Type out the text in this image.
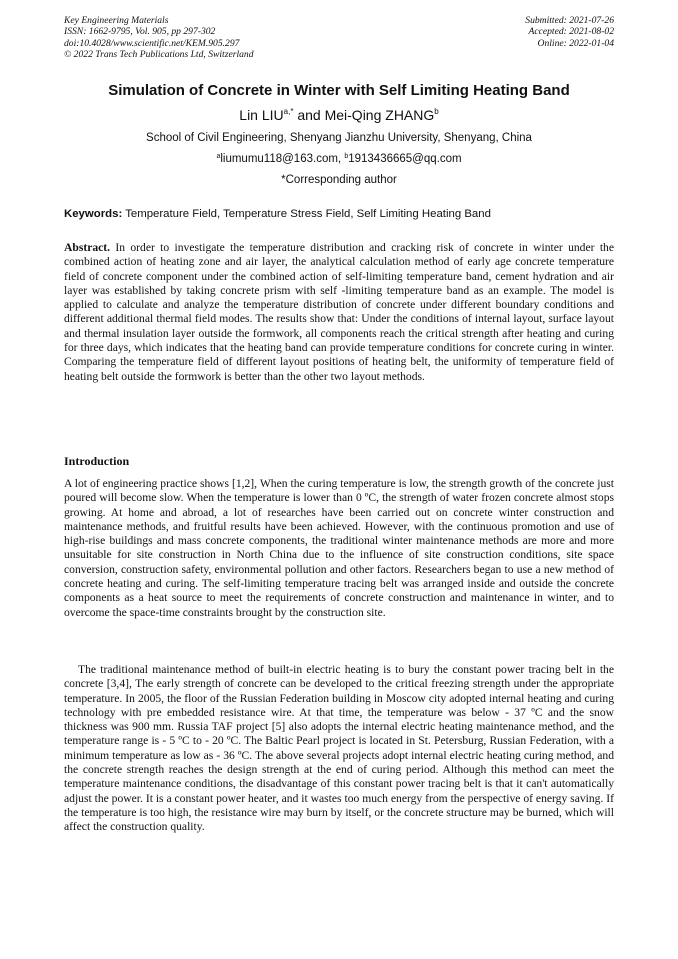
Key Engineering Materials
ISSN: 1662-9795, Vol. 905, pp 297-302
doi:10.4028/www.scientific.net/KEM.905.297
© 2022 Trans Tech Publications Ltd, Switzerland
Submitted: 2021-07-26
Accepted: 2021-08-02
Online: 2022-01-04
Simulation of Concrete in Winter with Self Limiting Heating Band
Lin $LIU^{a,*}$ and Mei-Qing ZHANG$^b$
School of Civil Engineering, Shenyang Jianzhu University, Shenyang, China
$^a$liumumu118@163.com, $^b$1913436665@qq.com
*Corresponding author
Keywords: Temperature Field, Temperature Stress Field, Self Limiting Heating Band
Abstract. In order to investigate the temperature distribution and cracking risk of concrete in winter under the combined action of heating zone and air layer, the analytical calculation method of early age concrete temperature field of concrete component under the combined action of self-limiting temperature band, cement hydration and air layer was established by taking concrete prism with self -limiting temperature band as an example. The model is applied to calculate and analyze the temperature distribution of concrete under different boundary conditions and different additional thermal field modes. The results show that: Under the conditions of internal layout, surface layout and thermal insulation layer outside the formwork, all components reach the critical strength after heating and curing for three days, which indicates that the heating band can provide temperature conditions for concrete curing in winter. Comparing the temperature field of different layout positions of heating belt, the uniformity of temperature field of heating belt outside the formwork is better than the other two layout methods.
Introduction

A lot of engineering practice shows [1,2], When the curing temperature is low, the strength growth of the concrete just poured will become slow. When the temperature is lower than 0 ºC, the strength of water frozen concrete almost stops growing. At home and abroad, a lot of researches have been carried out on concrete winter construction and maintenance methods, and fruitful results have been achieved. However, with the continuous promotion and use of high-rise buildings and mass concrete components, the traditional winter maintenance methods are more and more unsuitable for site construction in North China due to the influence of site construction conditions, site space conversion, construction safety, environmental pollution and other factors. Researchers began to use a new method of concrete heating and curing. The self-limiting temperature tracing belt was arranged inside and outside the concrete components as a heat source to meet the requirements of concrete construction and maintenance in winter, and to overcome the space-time constraints brought by the construction site.

The traditional maintenance method of built-in electric heating is to bury the constant power tracing belt in the concrete [3,4], The early strength of concrete can be developed to the critical freezing strength under the appropriate temperature. In 2005, the floor of the Russian Federation building in Moscow city adopted internal heating and curing technology with pre embedded resistance wire. At that time, the temperature was below - 37 ºC and the snow thickness was 900 mm. Russia TAF project [5] also adopts the internal electric heating maintenance method, and the temperature range is - 5 ºC to - 20 ºC. The Baltic Pearl project is located in St. Petersburg, Russian Federation, with a minimum temperature as low as - 36 ºC. The above several projects adopt internal electric heating curing method, and the concrete strength reaches the design strength at the end of curing period. Although this method can meet the temperature maintenance conditions, the disadvantage of this constant power tracing belt is that it can't automatically adjust the power. It is a constant power heater, and it wastes too much energy from the perspective of energy saving. If the temperature is too high, the resistance wire may burn by itself, or the concrete structure may be burned, which will affect the construction quality.
